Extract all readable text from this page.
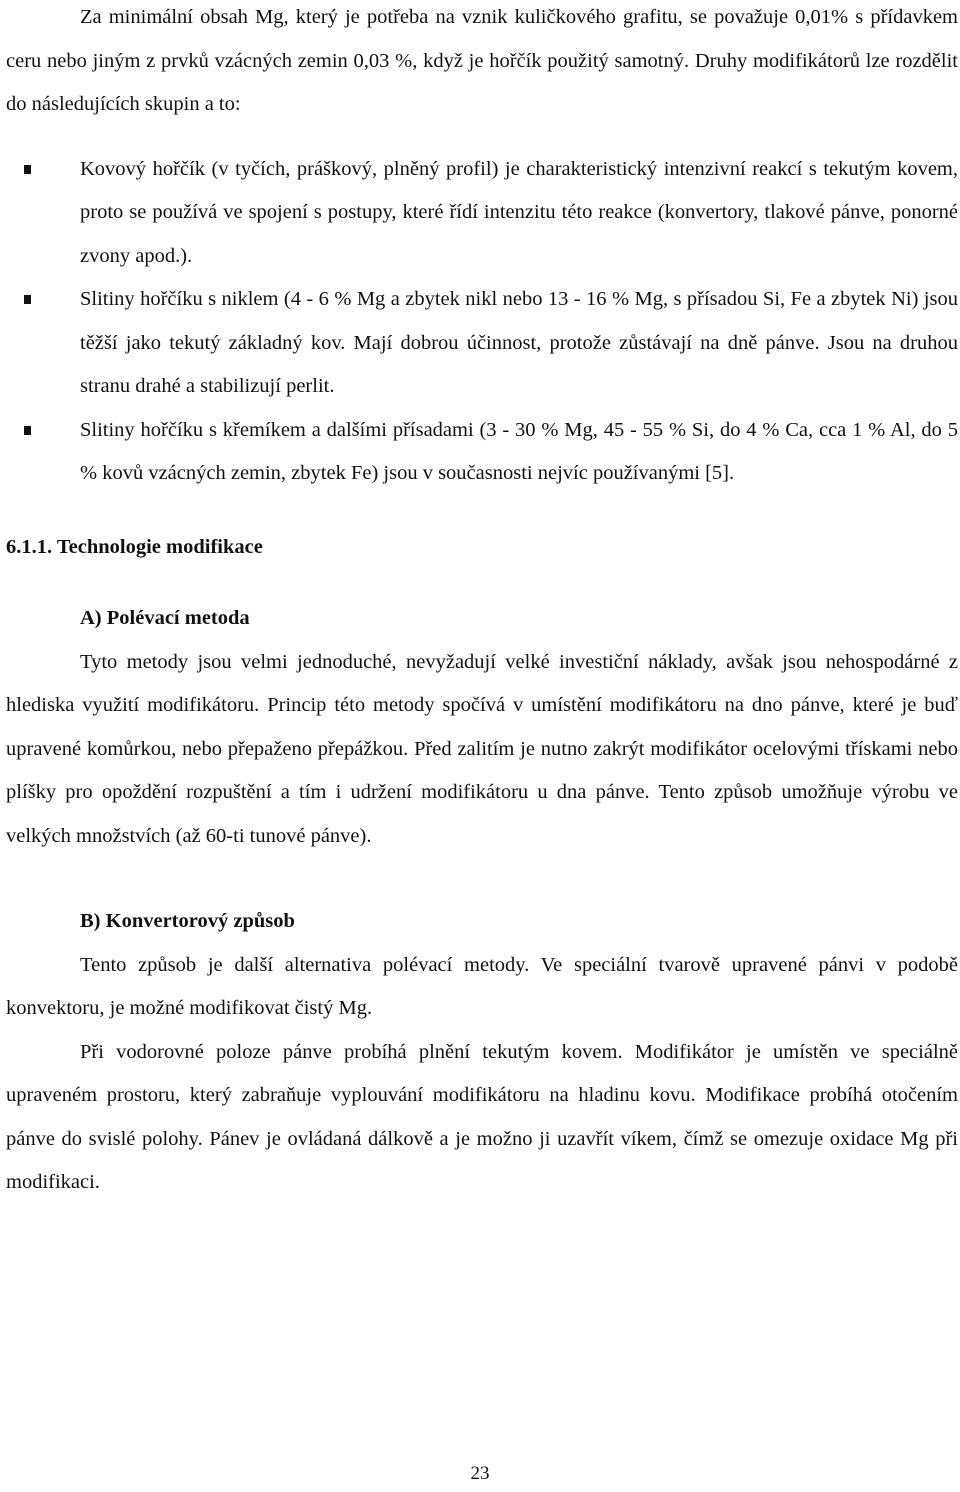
Za minimální obsah Mg, který je potřeba na vznik kuličkového grafitu, se považuje 0,01% s přídavkem ceru nebo jiným z prvků vzácných zemin 0,03 %, když je hořčík použitý samotný. Druhy modifikátorů lze rozdělit do následujících skupin a to:

Kovový hořčík (v tyčích, práškový, plněný profil) je charakteristický intenzivní reakcí s tekutým kovem, proto se používá ve spojení s postupy, které řídí intenzitu této reakce (konvertory, tlakové pánve, ponorné zvony apod.).
Slitiny hořčíku s niklem (4 - 6 % Mg a zbytek nikl nebo 13 - 16 % Mg, s přísadou Si, Fe a zbytek Ni) jsou těžší jako tekutý základný kov. Mají dobrou účinnost, protože zůstávají na dně pánve. Jsou na druhou stranu drahé a stabilizují perlit.
Slitiny hořčíku s křemíkem a dalšími přísadami (3 - 30 % Mg, 45 - 55 % Si, do 4 % Ca, cca 1 % Al, do 5 % kovů vzácných zemin, zbytek Fe) jsou v současnosti nejvíc používanými [5].

6.1.1. Technologie modifikace

A) Polévací metoda

Tyto metody jsou velmi jednoduché, nevyžadují velké investiční náklady, avšak jsou nehospodárné z hlediska využití modifikátoru. Princip této metody spočívá v umístění modifikátoru na dno pánve, které je buď upravené komůrkou, nebo přepaženo přepážkou. Před zalitím je nutno zakrýt modifikátor ocelovými třískami nebo plíšky pro opoždění rozpuštění a tím i udržení modifikátoru u dna pánve. Tento způsob umožňuje výrobu ve velkých množstvích (až 60-ti tunové pánve).

B) Konvertorový způsob

Tento způsob je další alternativa polévací metody. Ve speciální tvarově upravené pánvi v podobě konvektoru, je možné modifikovat čistý Mg.

Při vodorovné poloze pánve probíhá plnění tekutým kovem. Modifikátor je umístěn ve speciálně upraveném prostoru, který zabraňuje vyplouvání modifikátoru na hladinu kovu. Modifikace probíhá otočením pánve do svislé polohy. Pánev je ovládaná dálkově a je možno ji uzavřít víkem, čímž se omezuje oxidace Mg při modifikaci.

23
